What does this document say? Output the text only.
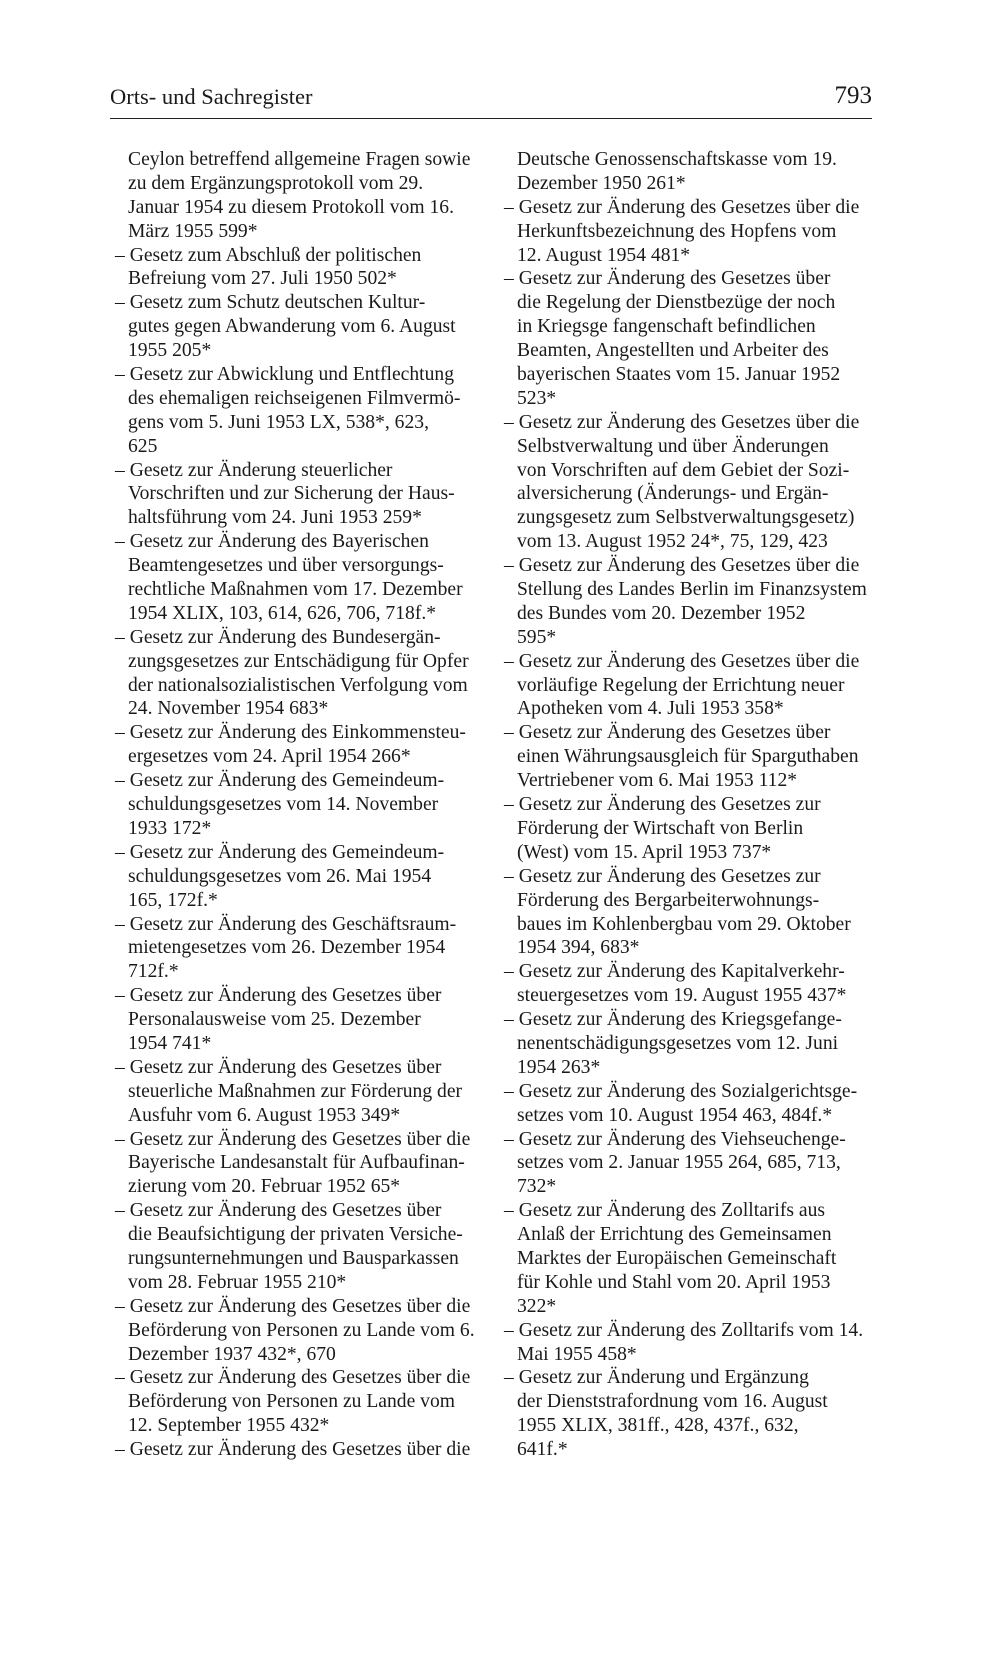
Orts- und Sachregister	793
Ceylon betreffend allgemeine Fragen sowie
zu dem Ergänzungsprotokoll vom 29.
Januar 1954 zu diesem Protokoll vom 16.
März 1955 599*
– Gesetz zum Abschluß der politischen
Befreiung vom 27. Juli 1950 502*
– Gesetz zum Schutz deutschen Kultur-
gutes gegen Abwanderung vom 6. August
1955 205*
– Gesetz zur Abwicklung und Entflechtung
des ehemaligen reichseigenen Filmvermö-
gens vom 5. Juni 1953 LX, 538*, 623,
625
– Gesetz zur Änderung steuerlicher
Vorschriften und zur Sicherung der Haus-
haltsführung vom 24. Juni 1953 259*
– Gesetz zur Änderung des Bayerischen
Beamtengesetzes und über versorgungs-
rechtliche Maßnahmen vom 17. Dezember
1954 XLIX, 103, 614, 626, 706, 718f.*
– Gesetz zur Änderung des Bundesergän-
zungsgesetzes zur Entschädigung für Opfer
der nationalsozialistischen Verfolgung vom
24. November 1954 683*
– Gesetz zur Änderung des Einkommensteu-
ergesetzes vom 24. April 1954 266*
– Gesetz zur Änderung des Gemeindeum-
schuldungsgesetzes vom 14. November
1933 172*
– Gesetz zur Änderung des Gemeindeum-
schuldungsgesetzes vom 26. Mai 1954
165, 172f.*
– Gesetz zur Änderung des Geschäftsraum-
mietengesetzes vom 26. Dezember 1954
712f.*
– Gesetz zur Änderung des Gesetzes über
Personalausweise vom 25. Dezember
1954 741*
– Gesetz zur Änderung des Gesetzes über
steuerliche Maßnahmen zur Förderung der
Ausfuhr vom 6. August 1953 349*
– Gesetz zur Änderung des Gesetzes über die
Bayerische Landesanstalt für Aufbaufinan-
zierung vom 20. Februar 1952 65*
– Gesetz zur Änderung des Gesetzes über
die Beaufsichtigung der privaten Versiche-
rungsunternehmungen und Bausparkassen
vom 28. Februar 1955 210*
– Gesetz zur Änderung des Gesetzes über die
Beförderung von Personen zu Lande vom 6.
Dezember 1937 432*, 670
– Gesetz zur Änderung des Gesetzes über die
Beförderung von Personen zu Lande vom
12. September 1955 432*
– Gesetz zur Änderung des Gesetzes über die
Deutsche Genossenschaftskasse vom 19.
Dezember 1950 261*
– Gesetz zur Änderung des Gesetzes über die
Herkunftsbezeichnung des Hopfens vom
12. August 1954 481*
– Gesetz zur Änderung des Gesetzes über
die Regelung der Dienstbezüge der noch
in Kriegsge fangenschaft befindlichen
Beamten, Angestellten und Arbeiter des
bayerischen Staates vom 15. Januar 1952
523*
– Gesetz zur Änderung des Gesetzes über die
Selbstverwaltung und über Änderungen
von Vorschriften auf dem Gebiet der Sozi-
alversicherung (Änderungs- und Ergän-
zungsgesetz zum Selbstverwaltungsgesetz)
vom 13. August 1952 24*, 75, 129, 423
– Gesetz zur Änderung des Gesetzes über die
Stellung des Landes Berlin im Finanzsystem
des Bundes vom 20. Dezember 1952
595*
– Gesetz zur Änderung des Gesetzes über die
vorläufige Regelung der Errichtung neuer
Apotheken vom 4. Juli 1953 358*
– Gesetz zur Änderung des Gesetzes über
einen Währungsausgleich für Sparguthaben
Vertriebener vom 6. Mai 1953 112*
– Gesetz zur Änderung des Gesetzes zur
Förderung der Wirtschaft von Berlin
(West) vom 15. April 1953 737*
– Gesetz zur Änderung des Gesetzes zur
Förderung des Bergarbeiterwohnungs-
baues im Kohlenbergbau vom 29. Oktober
1954 394, 683*
– Gesetz zur Änderung des Kapitalverkehr-
steuergesetzes vom 19. August 1955 437*
– Gesetz zur Änderung des Kriegsgefange-
nenentschädigungsgesetzes vom 12. Juni
1954 263*
– Gesetz zur Änderung des Sozialgerichtsge-
setzes vom 10. August 1954 463, 484f.*
– Gesetz zur Änderung des Viehseuchenge-
setzes vom 2. Januar 1955 264, 685, 713,
732*
– Gesetz zur Änderung des Zolltarifs aus
Anlaß der Errichtung des Gemeinsamen
Marktes der Europäischen Gemeinschaft
für Kohle und Stahl vom 20. April 1953
322*
– Gesetz zur Änderung des Zolltarifs vom 14.
Mai 1955 458*
– Gesetz zur Änderung und Ergänzung
der Dienststrafordnung vom 16. August
1955 XLIX, 381ff., 428, 437f., 632,
641f.*
